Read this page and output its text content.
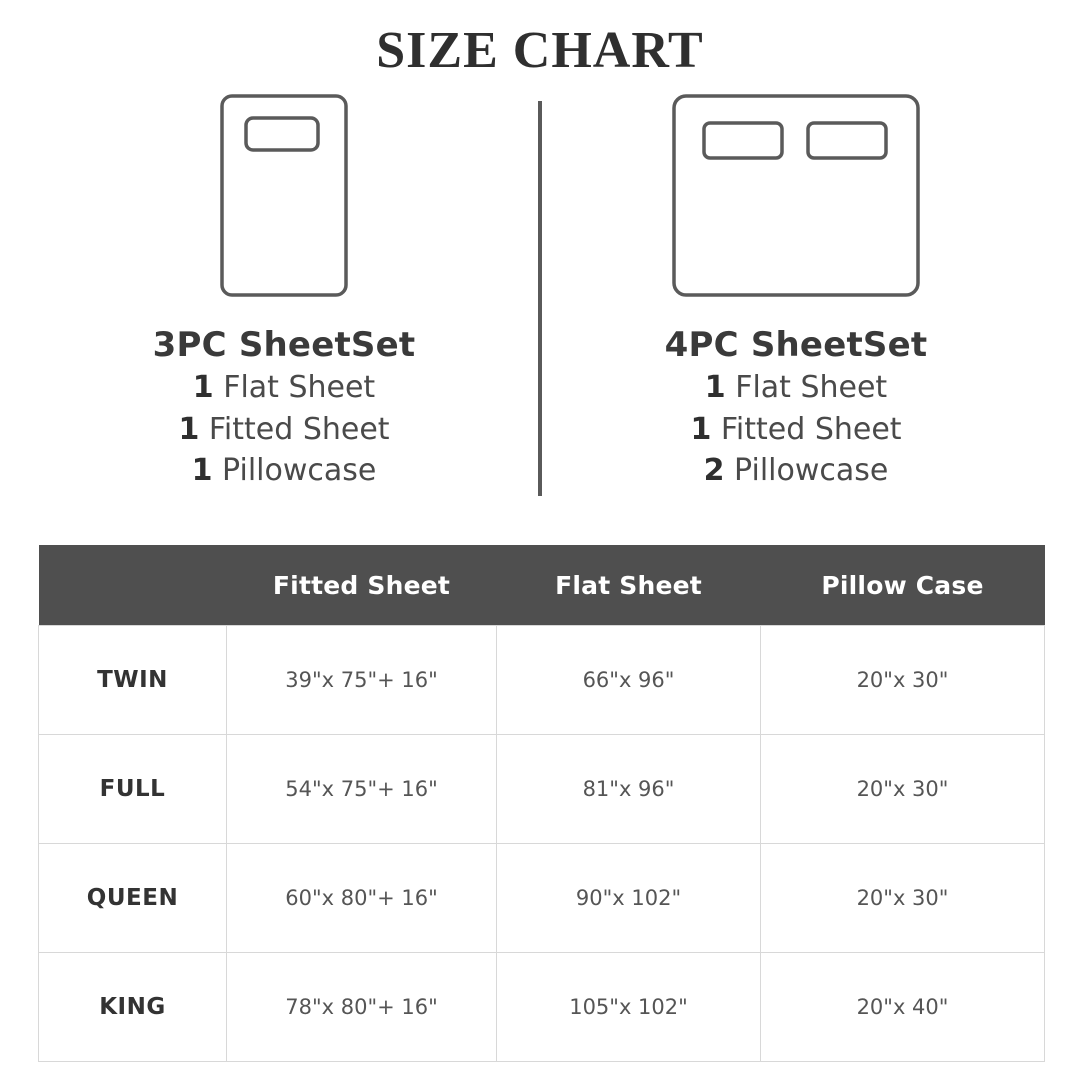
SIZE CHART
3PC SheetSet
1 Flat Sheet
1 Fitted Sheet
1 Pillowcase
4PC SheetSet
1 Flat Sheet
1 Fitted Sheet
2 Pillowcase
	Fitted Sheet	Flat Sheet	Pillow Case
TWIN	39"x 75"+ 16"	66"x 96"	20"x 30"
FULL	54"x 75"+ 16"	81"x 96"	20"x 30"
QUEEN	60"x 80"+ 16"	90"x 102"	20"x 30"
KING	78"x 80"+ 16"	105"x 102"	20"x 40"
